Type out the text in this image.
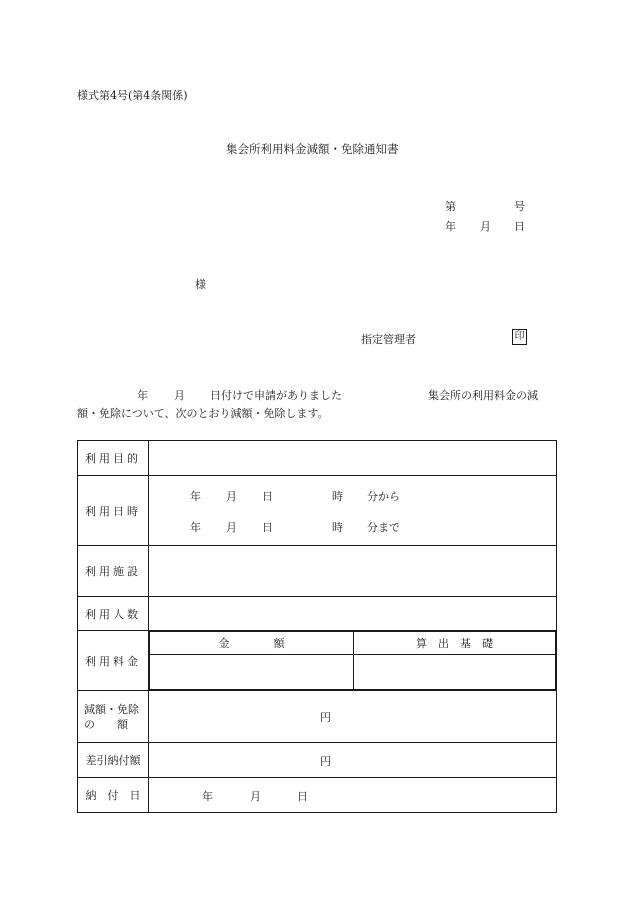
様式第4号(第4条関係)
集会所利用料金減額・免除通知書
第	号
年 月 日
様
指定管理者	印
年 月 日付けで申請がありました	集会所の利用料金の減
額・免除について、次のとおり減額・免除します。
利用目的	
利用日時	
年 月 日	時 分から
年 月 日	時 分まで

利用施設	
利用人数	
利用料金	
金　　　　額	算　出　基　礎

減額・免除
の　　額	円

差引納付額	円

納　付　日	年	月	日
